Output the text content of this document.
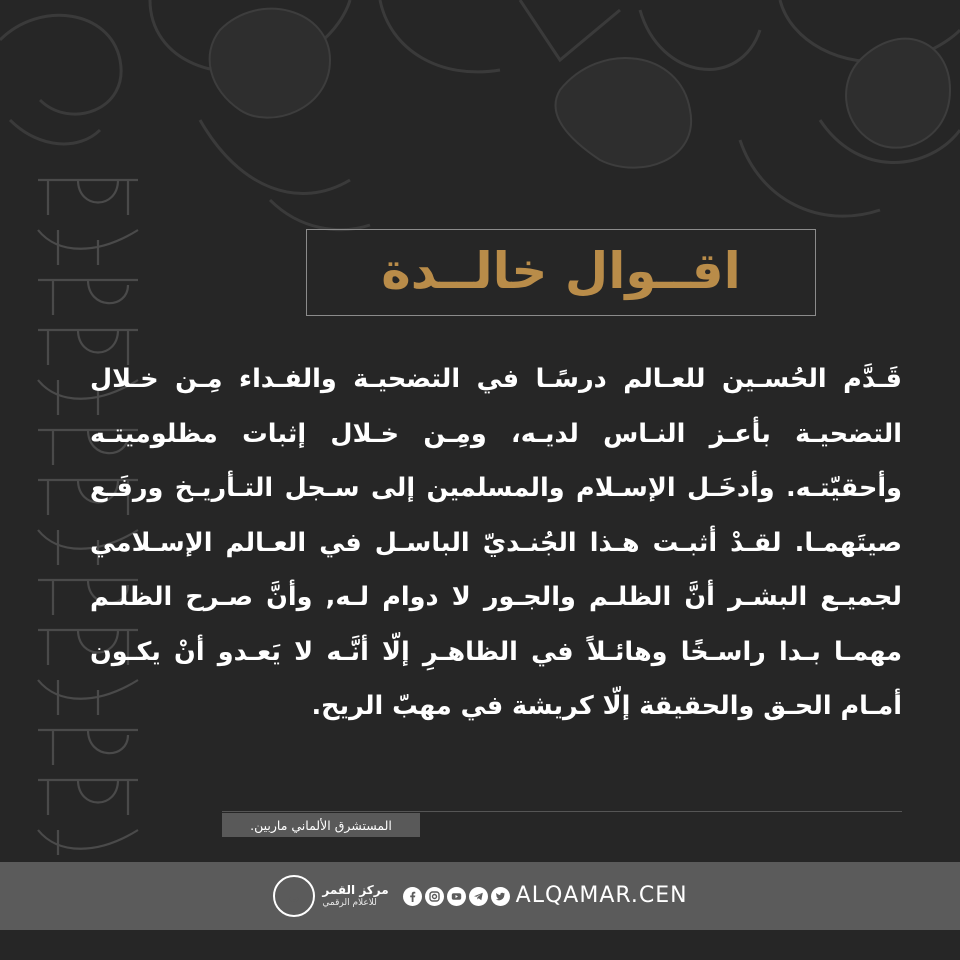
اقــوال خالــدة
قَـدَّم الحُسـين للعـالم درسًـا في التضحيـة والفـداء مِـن خـلال التضحيـة بأعـز النـاس لديـه، ومِـن خـلال إثبات مظلوميتـه وأحقيّتـه. وأدخَـل الإسـلام والمسلمين إلى سـجل التـأريـخ ورفَـع صيتَهمـا. لقـدْ أثبـت هـذا الجُنـديّ الباسـل في العـالم الإسـلامي لجميـع البشـر أنَّ الظلـم والجـور لا دوام لـه, وأنَّ صـرح الظلـم مهمـا بـدا راسـخًا وهائـلاً في الظاهـرِ إلّا أنَّـه لا يَعـدو أنْ يكـون أمـام الحـق والحقيقة إلّا كريشة في مهبّ الريح.
المستشرق الألماني ماربين.
مركز القمر
للاعلام الرقمي	ALQAMAR.CEN
